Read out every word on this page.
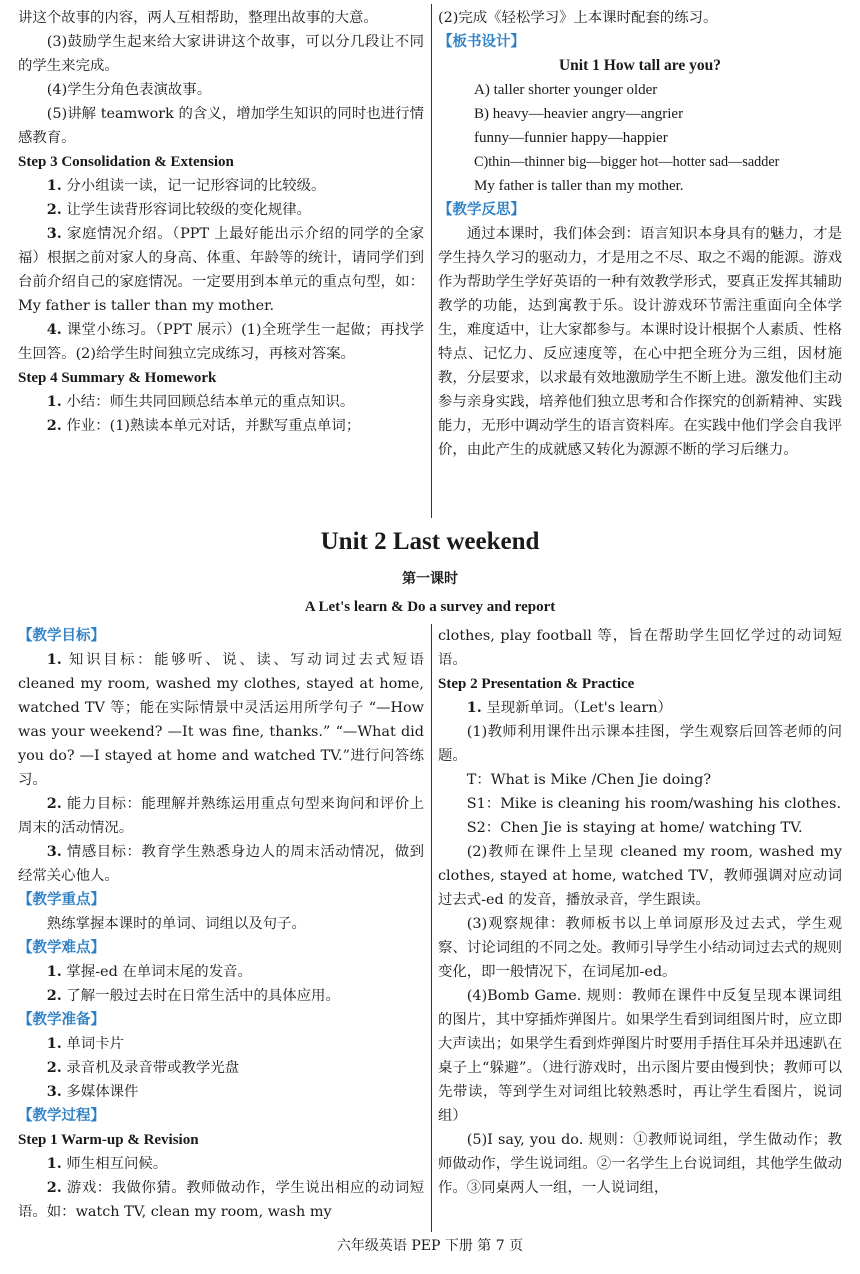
讲这个故事的内容，两人互相帮助，整理出故事的大意。

(3)鼓励学生起来给大家讲讲这个故事，可以分几段让不同的学生来完成。

(4)学生分角色表演故事。

(5)讲解 teamwork 的含义，增加学生知识的同时也进行情感教育。

Step 3 Consolidation & Extension

1. 分小组读一读，记一记形容词的比较级。

2. 让学生读背形容词比较级的变化规律。

3. 家庭情况介绍。（PPT 上最好能出示介绍的同学的全家福）根据之前对家人的身高、体重、年龄等的统计，请同学们到台前介绍自己的家庭情况。一定要用到本单元的重点句型，如：My father is taller than my mother.

4. 课堂小练习。（PPT 展示）(1)全班学生一起做；再找学生回答。(2)给学生时间独立完成练习，再核对答案。

Step 4 Summary & Homework

1. 小结：师生共同回顾总结本单元的重点知识。

2. 作业：(1)熟读本单元对话，并默写重点单词；

(2)完成《轻松学习》上本课时配套的练习。

【板书设计】

Unit 1 How tall are you?

A) taller shorter younger older

B) heavy—heavier angry—angrier

funny—funnier happy—happier

C)thin—thinner big—bigger hot—hotter sad—sadder

My father is taller than my mother.

【教学反思】

通过本课时，我们体会到：语言知识本身具有的魅力，才是学生持久学习的驱动力，才是用之不尽、取之不竭的能源。游戏作为帮助学生学好英语的一种有效教学形式，要真正发挥其辅助教学的功能，达到寓教于乐。设计游戏环节需注重面向全体学生，难度适中，让大家都参与。本课时设计根据个人素质、性格特点、记忆力、反应速度等，在心中把全班分为三组，因材施教，分层要求，以求最有效地激励学生不断上进。激发他们主动参与亲身实践，培养他们独立思考和合作探究的创新精神、实践能力，无形中调动学生的语言资料库。在实践中他们学会自我评价，由此产生的成就感又转化为源源不断的学习后继力。

Unit 2 Last weekend
第一课时
A Let's learn & Do a survey and report

【教学目标】

1. 知识目标：能够听、说、读、写动词过去式短语 cleaned my room, washed my clothes, stayed at home, watched TV 等；能在实际情景中灵活运用所学句子 “—How was your weekend? —It was fine, thanks.” “—What did you do? —I stayed at home and watched TV.”进行问答练习。

2. 能力目标：能理解并熟练运用重点句型来询问和评价上周末的活动情况。

3. 情感目标：教育学生熟悉身边人的周末活动情况，做到经常关心他人。

【教学重点】

熟练掌握本课时的单词、词组以及句子。

【教学难点】

1. 掌握-ed 在单词末尾的发音。

2. 了解一般过去时在日常生活中的具体应用。

【教学准备】

1. 单词卡片

2. 录音机及录音带或教学光盘

3. 多媒体课件

【教学过程】

Step 1 Warm-up & Revision

1. 师生相互问候。

2. 游戏：我做你猜。教师做动作，学生说出相应的动词短语。如：watch TV, clean my room, wash my

clothes, play football 等，旨在帮助学生回忆学过的动词短语。

Step 2 Presentation & Practice

1. 呈现新单词。（Let's learn）

(1)教师利用课件出示课本挂图，学生观察后回答老师的问题。

T：What is Mike /Chen Jie doing?

S1：Mike is cleaning his room/washing his clothes.

S2：Chen Jie is staying at home/ watching TV.

(2)教师在课件上呈现 cleaned my room, washed my clothes, stayed at home, watched TV，教师强调对应动词过去式-ed 的发音，播放录音，学生跟读。

(3)观察规律：教师板书以上单词原形及过去式，学生观察、讨论词组的不同之处。教师引导学生小结动词过去式的规则变化，即一般情况下，在词尾加-ed。

(4)Bomb Game. 规则：教师在课件中反复呈现本课词组的图片，其中穿插炸弹图片。如果学生看到词组图片时，应立即大声读出；如果学生看到炸弹图片时要用手捂住耳朵并迅速趴在桌子上“躲避”。（进行游戏时，出示图片要由慢到快；教师可以先带读，等到学生对词组比较熟悉时，再让学生看图片，说词组）

(5)I say, you do. 规则：①教师说词组，学生做动作；教师做动作，学生说词组。②一名学生上台说词组，其他学生做动作。③同桌两人一组，一人说词组，

六年级英语 PEP 下册 第 7 页
